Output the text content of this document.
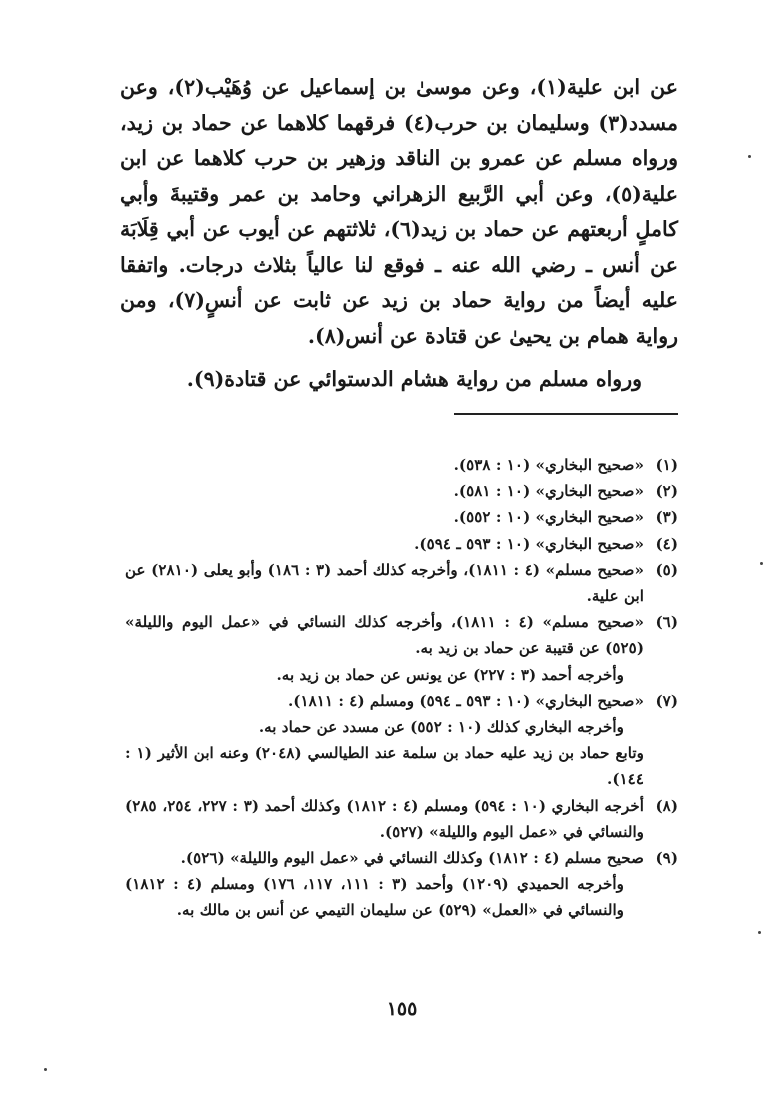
عن ابن علية(١)، وعن موسىٰ بن إسماعيل عن وُهَيْب(٢)، وعن مسدد(٣) وسليمان بن حرب(٤) فرقهما كلاهما عن حماد بن زيد، ورواه مسلم عن عمرو بن الناقد وزهير بن حرب كلاهما عن ابن علية(٥)، وعن أبي الرَّبيع الزهراني وحامد بن عمر وقتيبةَ وأبي كاملٍ أربعتهم عن حماد بن زيد(٦)، ثلاثتهم عن أيوب عن أبي قِلَابَة عن أنس ـ رضي الله عنه ـ فوقع لنا عالياً بثلاث درجات. واتفقا عليه أيضاً من رواية حماد بن زيد عن ثابت عن أنسٍ(٧)، ومن رواية همام بن يحيىٰ عن قتادة عن أنس(٨).

ورواه مسلم من رواية هشام الدستوائي عن قتادة(٩).

(١)
«صحيح البخاري» (١٠ : ٥٣٨).
(٢)
«صحيح البخاري» (١٠ : ٥٨١).
(٣)
«صحيح البخاري» (١٠ : ٥٥٢).
(٤)
«صحيح البخاري» (١٠ : ٥٩٣ ـ ٥٩٤).
(٥)
«صحيح مسلم» (٤ : ١٨١١)، وأخرجه كذلك أحمد (٣ : ١٨٦) وأبو يعلى (٢٨١٠) عن ابن علية.
(٦)
«صحيح مسلم» (٤ : ١٨١١)، وأخرجه كذلك النسائي في «عمل اليوم والليلة» (٥٢٥) عن قتيبة عن حماد بن زيد به.
وأخرجه أحمد (٣ : ٢٢٧) عن يونس عن حماد بن زيد به.
(٧)
«صحيح البخاري» (١٠ : ٥٩٣ ـ ٥٩٤) ومسلم (٤ : ١٨١١).
وأخرجه البخاري كذلك (١٠ : ٥٥٢) عن مسدد عن حماد به.
وتابع حماد بن زيد عليه حماد بن سلمة عند الطيالسي (٢٠٤٨) وعنه ابن الأثير (١ : ١٤٤).
(٨)
أخرجه البخاري (١٠ : ٥٩٤) ومسلم (٤ : ١٨١٢) وكذلك أحمد (٣ : ٢٢٧، ٢٥٤، ٢٨٥) والنسائي في «عمل اليوم والليلة» (٥٢٧).
(٩)
صحيح مسلم (٤ : ١٨١٢) وكذلك النسائي في «عمل اليوم والليلة» (٥٢٦).
وأخرجه الحميدي (١٢٠٩) وأحمد (٣ : ١١١، ١١٧، ١٧٦) ومسلم (٤ : ١٨١٢) والنسائي في «العمل» (٥٢٩) عن سليمان التيمي عن أنس بن مالك به.
١٥٥
